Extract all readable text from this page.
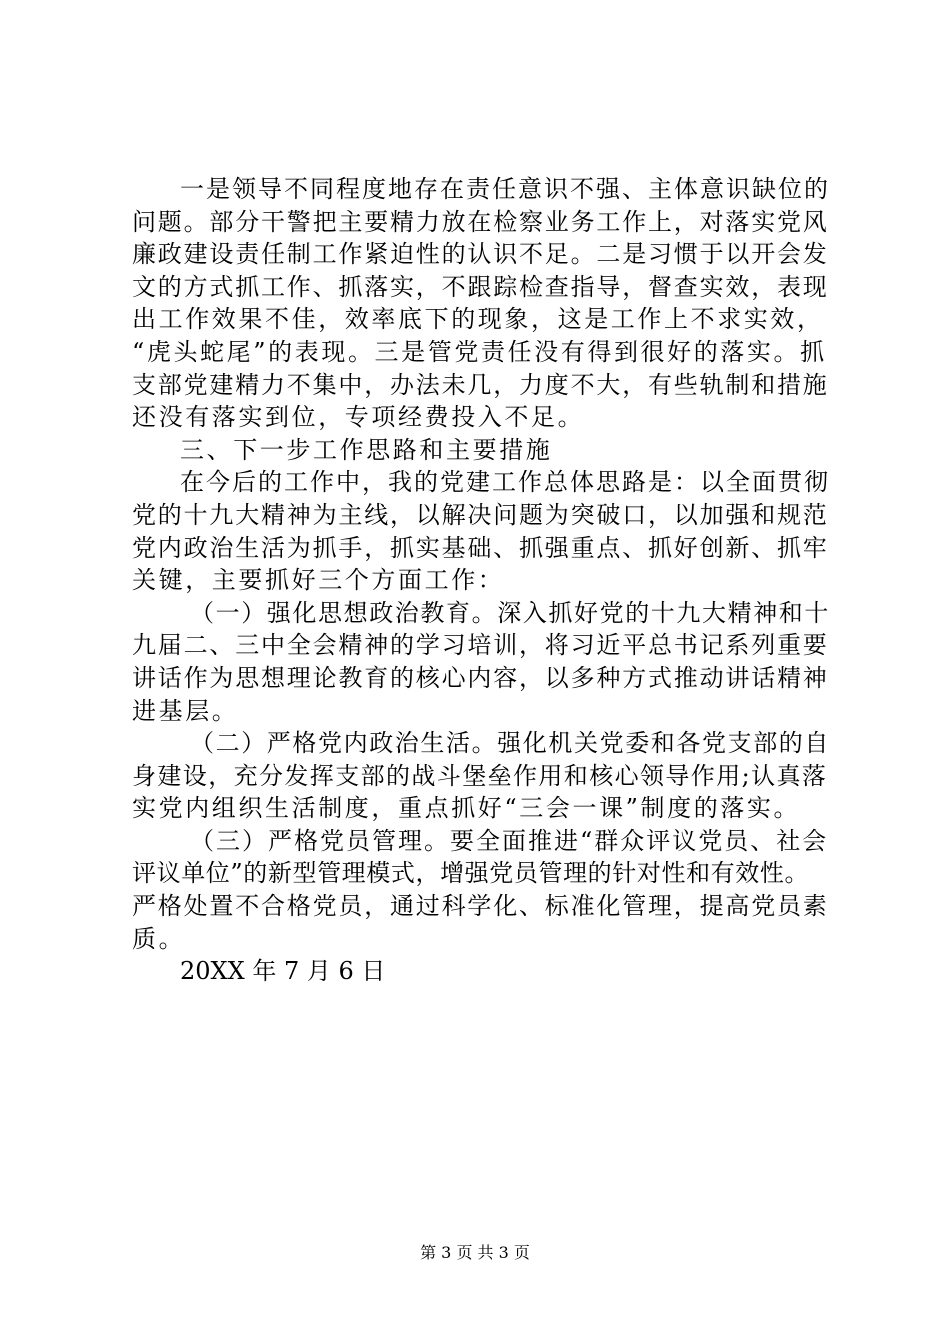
一是领导不同程度地存在责任意识不强、主体意识缺位的
问题。部分干警把主要精力放在检察业务工作上，对落实党风
廉政建设责任制工作紧迫性的认识不足。二是习惯于以开会发
文的方式抓工作、抓落实，不跟踪检查指导，督查实效，表现
出工作效果不佳，效率底下的现象，这是工作上不求实效，
“虎头蛇尾”的表现。三是管党责任没有得到很好的落实。抓
支部党建精力不集中，办法未几，力度不大，有些轨制和措施
还没有落实到位，专项经费投入不足。
三、下一步工作思路和主要措施
在今后的工作中，我的党建工作总体思路是：以全面贯彻
党的十九大精神为主线，以解决问题为突破口，以加强和规范
党内政治生活为抓手，抓实基础、抓强重点、抓好创新、抓牢
关键，主要抓好三个方面工作：
（一）强化思想政治教育。深入抓好党的十九大精神和十
九届二、三中全会精神的学习培训，将习近平总书记系列重要
讲话作为思想理论教育的核心内容，以多种方式推动讲话精神
进基层。
（二）严格党内政治生活。强化机关党委和各党支部的自
身建设，充分发挥支部的战斗堡垒作用和核心领导作用;认真落
实党内组织生活制度，重点抓好“三会一课”制度的落实。
（三）严格党员管理。要全面推进“群众评议党员、社会
评议单位”的新型管理模式，增强党员管理的针对性和有效性。
严格处置不合格党员，通过科学化、标准化管理，提高党员素
质。
20XX 年 7 月 6 日
第 3 页 共 3 页
